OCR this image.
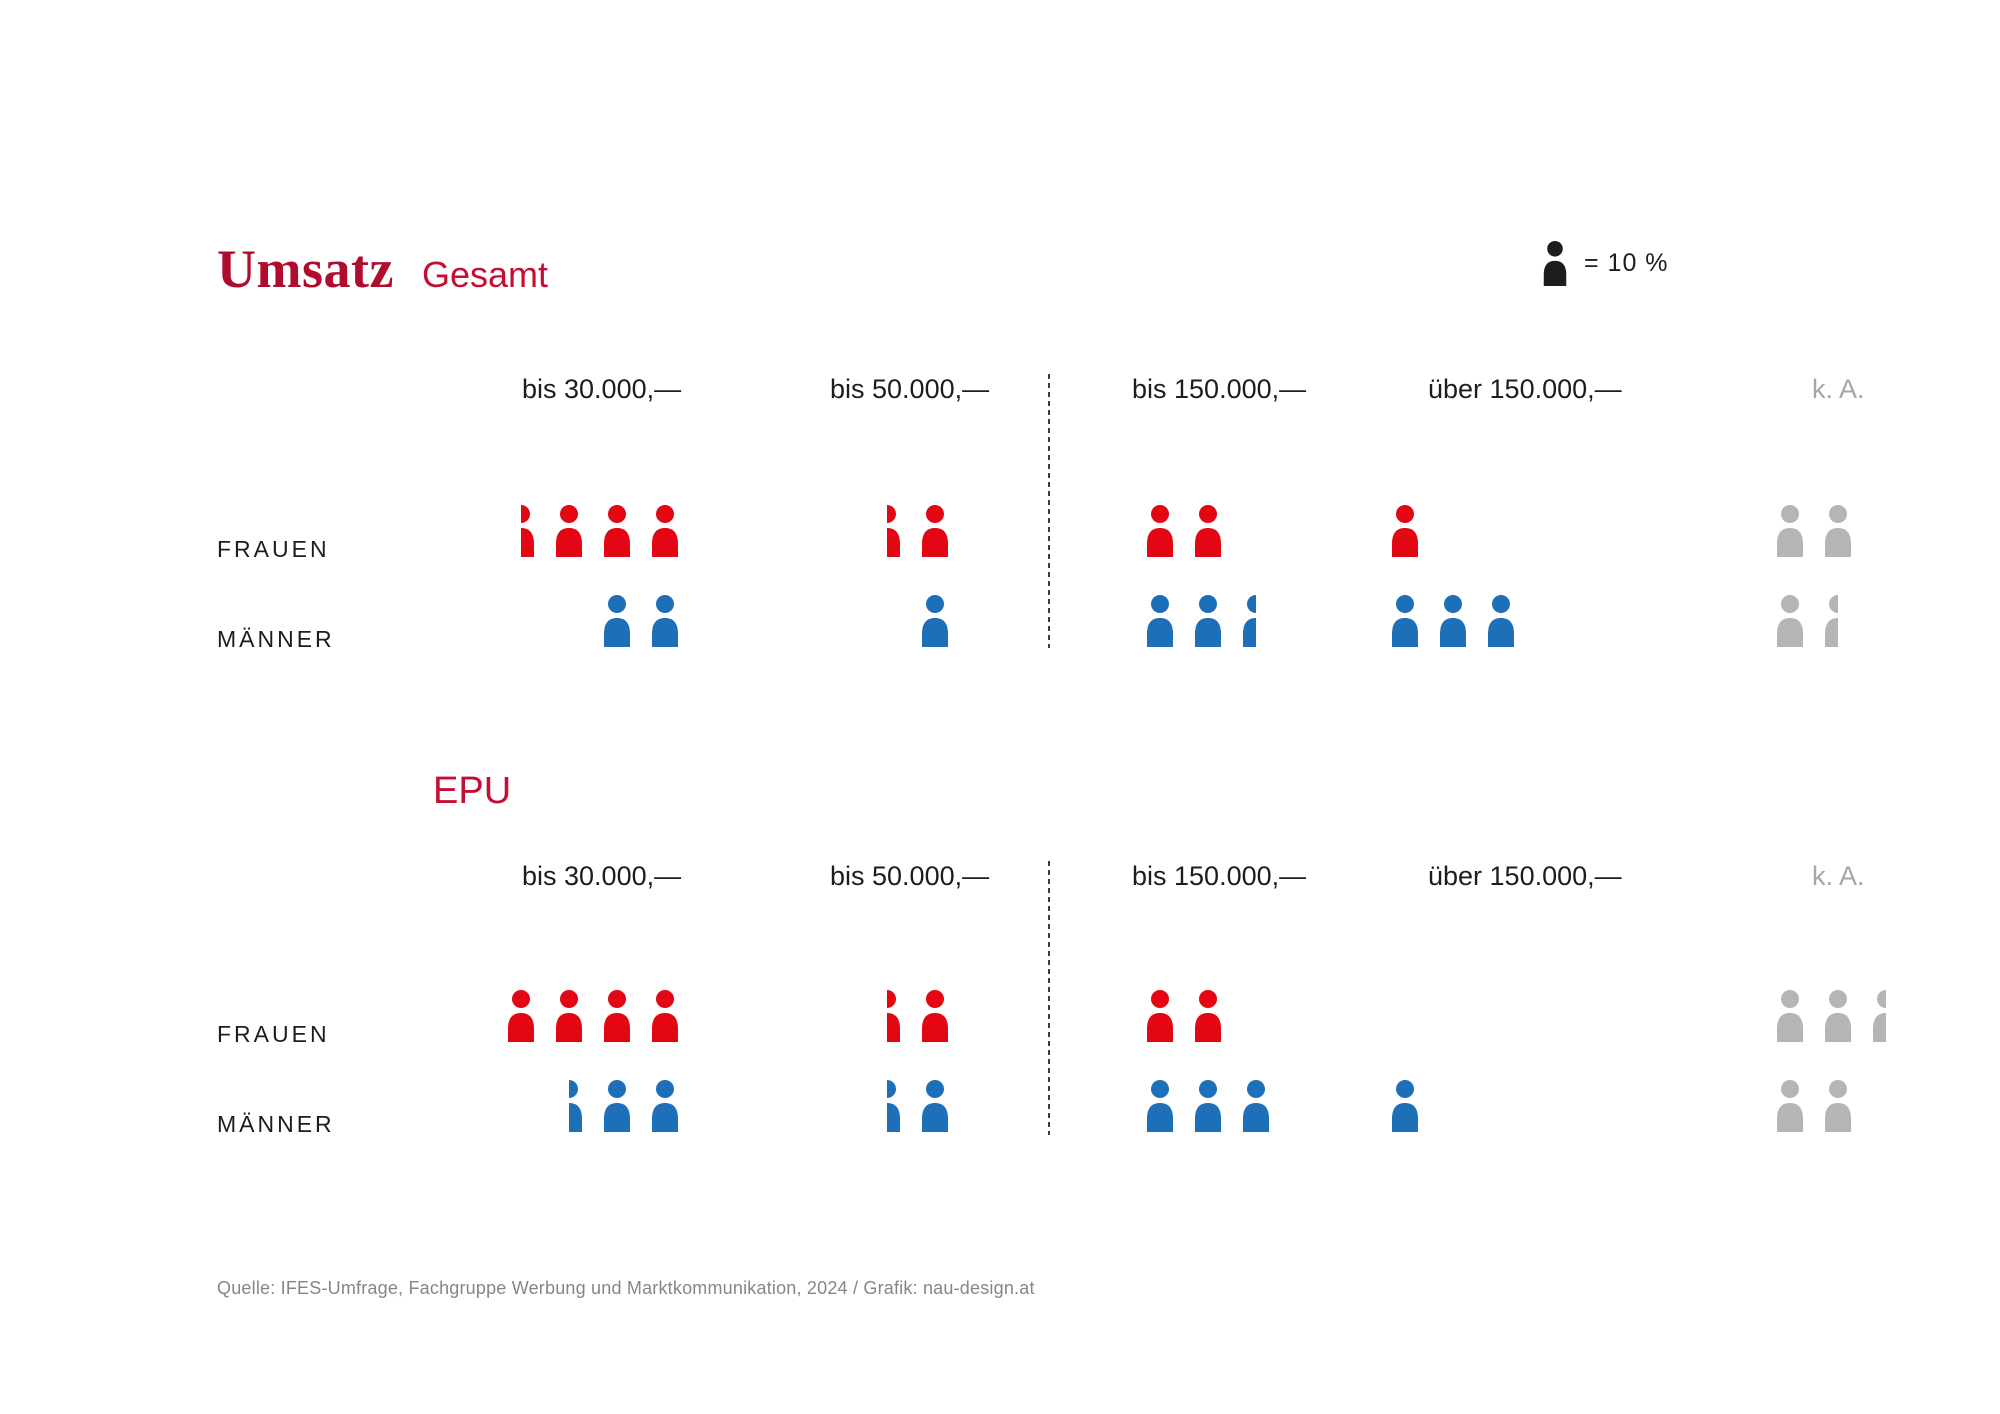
Umsatz Gesamt	= 10 %
bis 30.000,—	bis 50.000,—	bis 150.000,—	über 150.000,—	k. A.
FRAUEN
MÄNNER
EPU
bis 30.000,—	bis 50.000,—	bis 150.000,—	über 150.000,—	k. A.
FRAUEN
MÄNNER
Quelle: IFES-Umfrage, Fachgruppe Werbung und Marktkommunikation, 2024 / Grafik: nau-design.at
